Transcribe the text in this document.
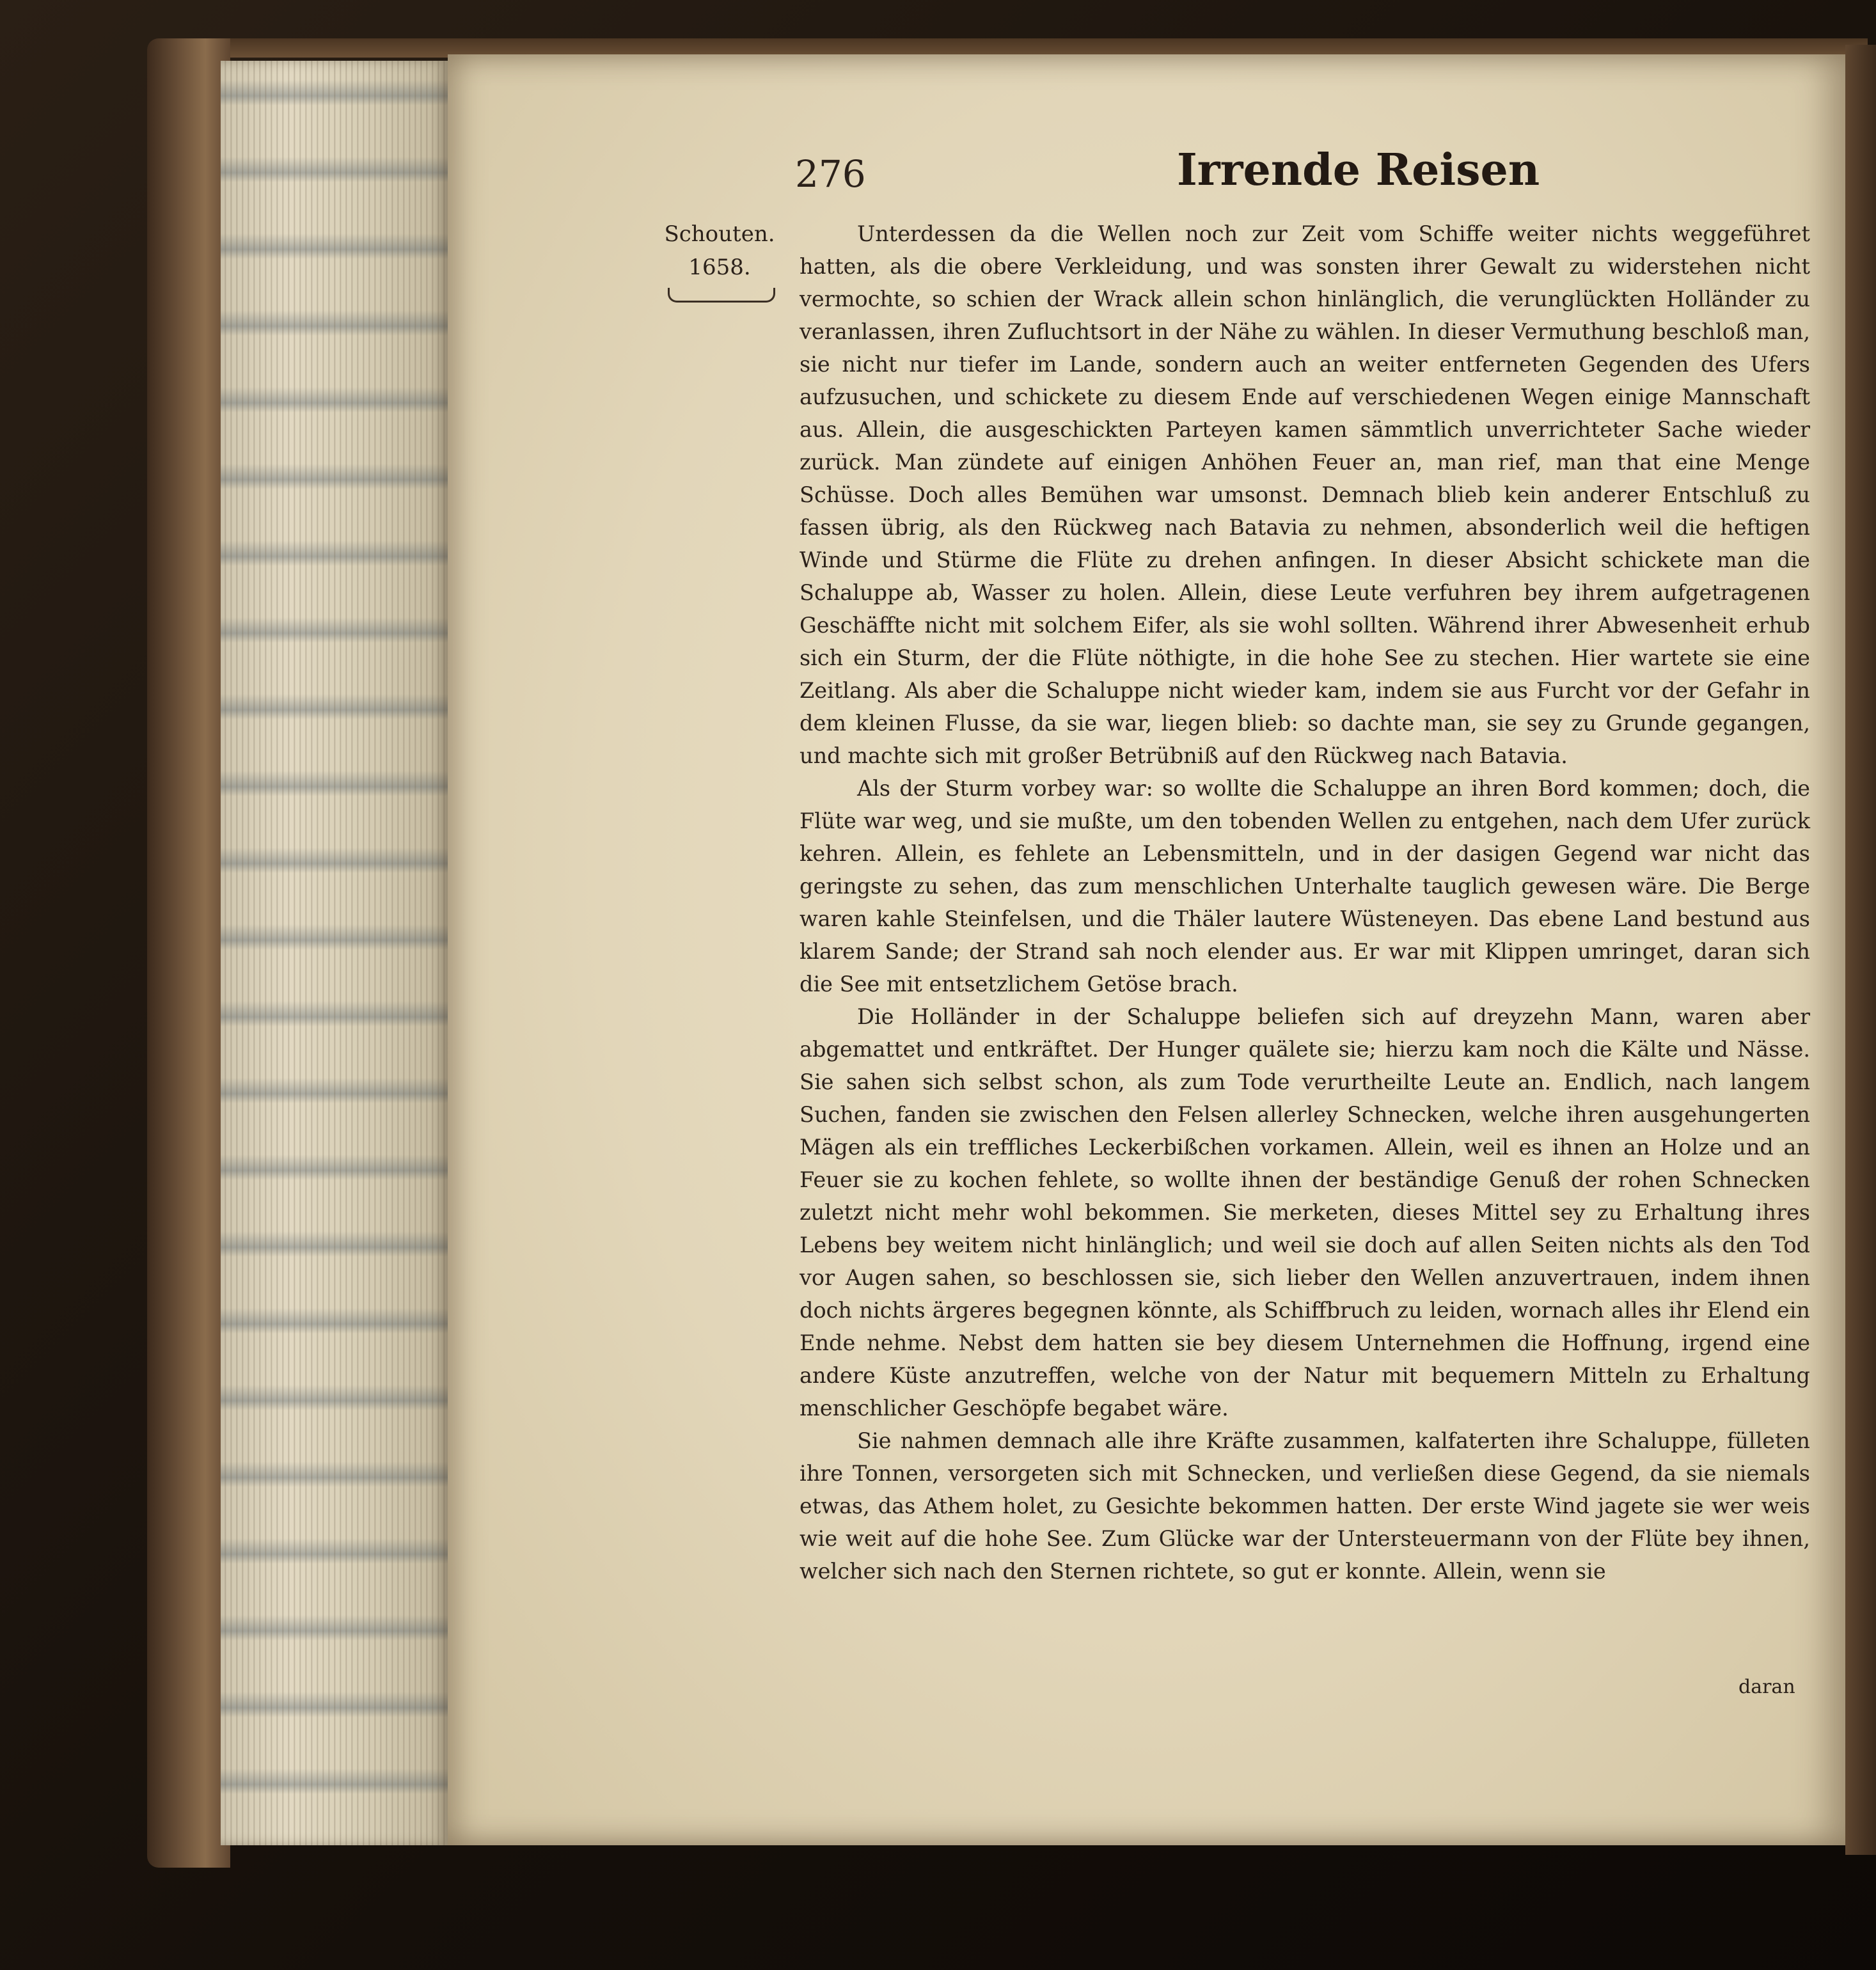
276	Irrende Reisen
Schouten.
1658.

Unterdessen da die Wellen noch zur Zeit vom Schiffe weiter nichts weggeführet hatten, als die obere Verkleidung, und was sonsten ihrer Gewalt zu widerstehen nicht vermochte, so schien der Wrack allein schon hinlänglich, die verunglückten Holländer zu veranlassen, ihren Zufluchtsort in der Nähe zu wählen. In dieser Vermuthung beschloß man, sie nicht nur tiefer im Lande, sondern auch an weiter entferneten Gegenden des Ufers aufzusuchen, und schickete zu diesem Ende auf verschiedenen Wegen einige Mannschaft aus. Allein, die ausgeschickten Parteyen kamen sämmtlich unverrichteter Sache wieder zurück. Man zündete auf einigen Anhöhen Feuer an, man rief, man that eine Menge Schüsse. Doch alles Bemühen war umsonst. Demnach blieb kein anderer Entschluß zu fassen übrig, als den Rückweg nach Batavia zu nehmen, absonderlich weil die heftigen Winde und Stürme die Flüte zu drehen anfingen. In dieser Absicht schickete man die Schaluppe ab, Wasser zu holen. Allein, diese Leute verfuhren bey ihrem aufgetragenen Geschäffte nicht mit solchem Eifer, als sie wohl sollten. Während ihrer Abwesenheit erhub sich ein Sturm, der die Flüte nöthigte, in die hohe See zu stechen. Hier wartete sie eine Zeitlang. Als aber die Schaluppe nicht wieder kam, indem sie aus Furcht vor der Gefahr in dem kleinen Flusse, da sie war, liegen blieb: so dachte man, sie sey zu Grunde gegangen, und machte sich mit großer Betrübniß auf den Rückweg nach Batavia.

Als der Sturm vorbey war: so wollte die Schaluppe an ihren Bord kommen; doch, die Flüte war weg, und sie mußte, um den tobenden Wellen zu entgehen, nach dem Ufer zurück kehren. Allein, es fehlete an Lebensmitteln, und in der dasigen Gegend war nicht das geringste zu sehen, das zum menschlichen Unterhalte tauglich gewesen wäre. Die Berge waren kahle Steinfelsen, und die Thäler lautere Wüsteneyen. Das ebene Land bestund aus klarem Sande; der Strand sah noch elender aus. Er war mit Klippen umringet, daran sich die See mit entsetzlichem Getöse brach.

Die Holländer in der Schaluppe beliefen sich auf dreyzehn Mann, waren aber abgemattet und entkräftet. Der Hunger quälete sie; hierzu kam noch die Kälte und Nässe. Sie sahen sich selbst schon, als zum Tode verurtheilte Leute an. Endlich, nach langem Suchen, fanden sie zwischen den Felsen allerley Schnecken, welche ihren ausgehungerten Mägen als ein treffliches Leckerbißchen vorkamen. Allein, weil es ihnen an Holze und an Feuer sie zu kochen fehlete, so wollte ihnen der beständige Genuß der rohen Schnecken zuletzt nicht mehr wohl bekommen. Sie merketen, dieses Mittel sey zu Erhaltung ihres Lebens bey weitem nicht hinlänglich; und weil sie doch auf allen Seiten nichts als den Tod vor Augen sahen, so beschlossen sie, sich lieber den Wellen anzuvertrauen, indem ihnen doch nichts ärgeres begegnen könnte, als Schiffbruch zu leiden, wornach alles ihr Elend ein Ende nehme. Nebst dem hatten sie bey diesem Unternehmen die Hoffnung, irgend eine andere Küste anzutreffen, welche von der Natur mit bequemern Mitteln zu Erhaltung menschlicher Geschöpfe begabet wäre.

Sie nahmen demnach alle ihre Kräfte zusammen, kalfaterten ihre Schaluppe, fülleten ihre Tonnen, versorgeten sich mit Schnecken, und verließen diese Gegend, da sie niemals etwas, das Athem holet, zu Gesichte bekommen hatten. Der erste Wind jagete sie wer weis wie weit auf die hohe See. Zum Glücke war der Untersteuermann von der Flüte bey ihnen, welcher sich nach den Sternen richtete, so gut er konnte. Allein, wenn sie

daran
